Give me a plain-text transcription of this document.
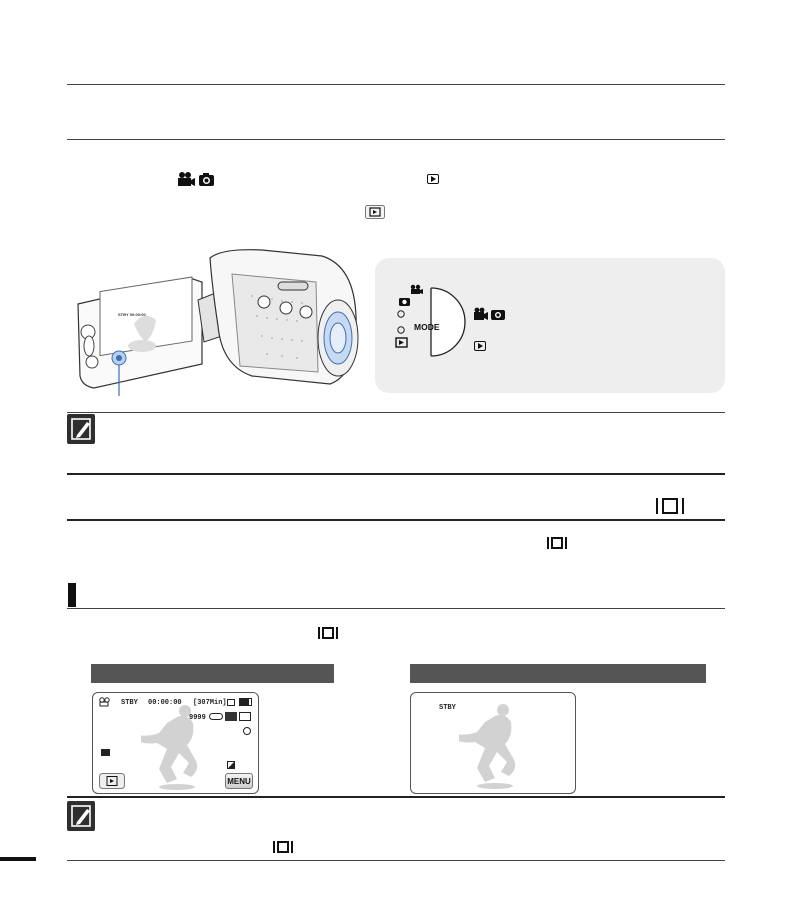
STBY 00:00:00
MODE
STBY 00:00:00 [307Min]
9999
MENU
STBY
